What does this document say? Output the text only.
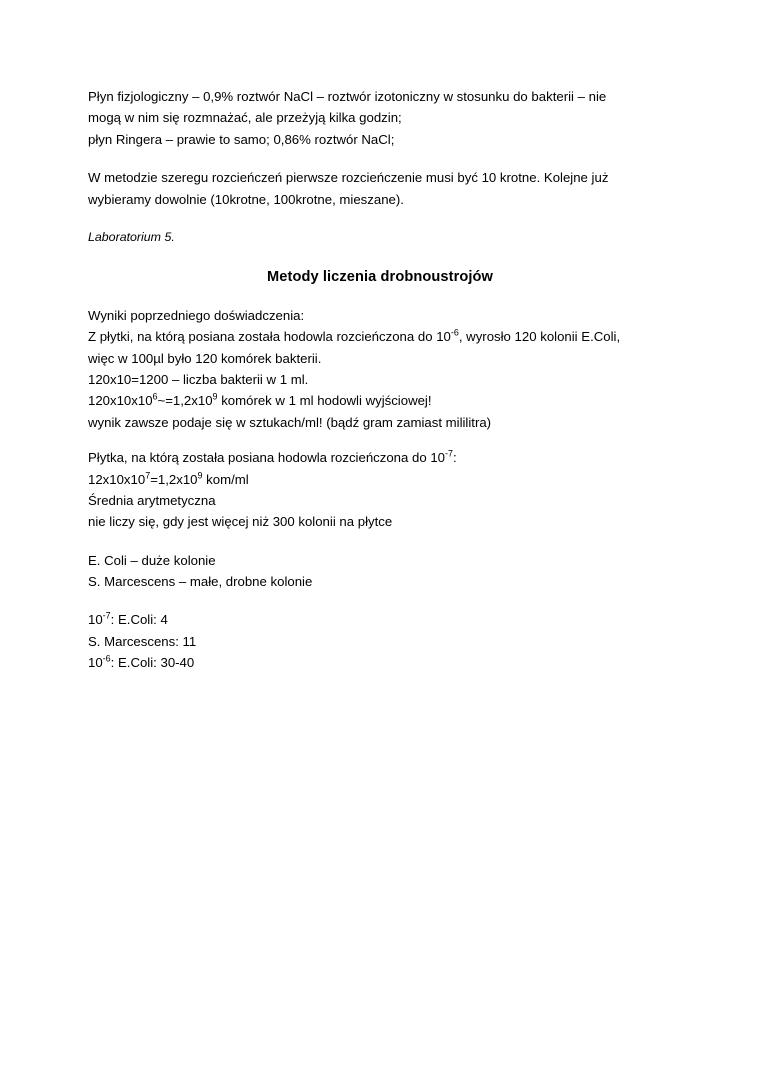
Płyn fizjologiczny – 0,9% roztwór NaCl – roztwór izotoniczny w stosunku do bakterii – nie
mogą w nim się rozmnażać, ale przeżyją kilka godzin;
płyn Ringera – prawie to samo; 0,86% roztwór NaCl;
W metodzie szeregu rozcieńczeń pierwsze rozcieńczenie musi być 10 krotne. Kolejne już
wybieramy dowolnie (10krotne, 100krotne, mieszane).
Laboratorium 5.
Metody liczenia drobnoustrojów
Wyniki poprzedniego doświadczenia:
Z płytki, na którą posiana została hodowla rozcieńczona do $10^{-6}$, wyrosło 120 kolonii E.Coli,
więc w 100µl było 120 komórek bakterii.
120x10=1200 – liczba bakterii w 1 ml.
$120x10x10^6\sim=1,2x10^9$ komórek w 1 ml hodowli wyjściowej!
wynik zawsze podaje się w sztukach/ml! (bądź gram zamiast mililitra)
Płytka, na którą została posiana hodowla rozcieńczona do $10^{-7}$:
$12x10x10^7=1,2x10^9$ kom/ml
Średnia arytmetyczna
nie liczy się, gdy jest więcej niż 300 kolonii na płytce
E. Coli – duże kolonie
S. Marcescens – małe, drobne kolonie
$10^{-7}$: E.Coli: 4
S. Marcescens: 11
$10^{-6}$: E.Coli: 30-40
